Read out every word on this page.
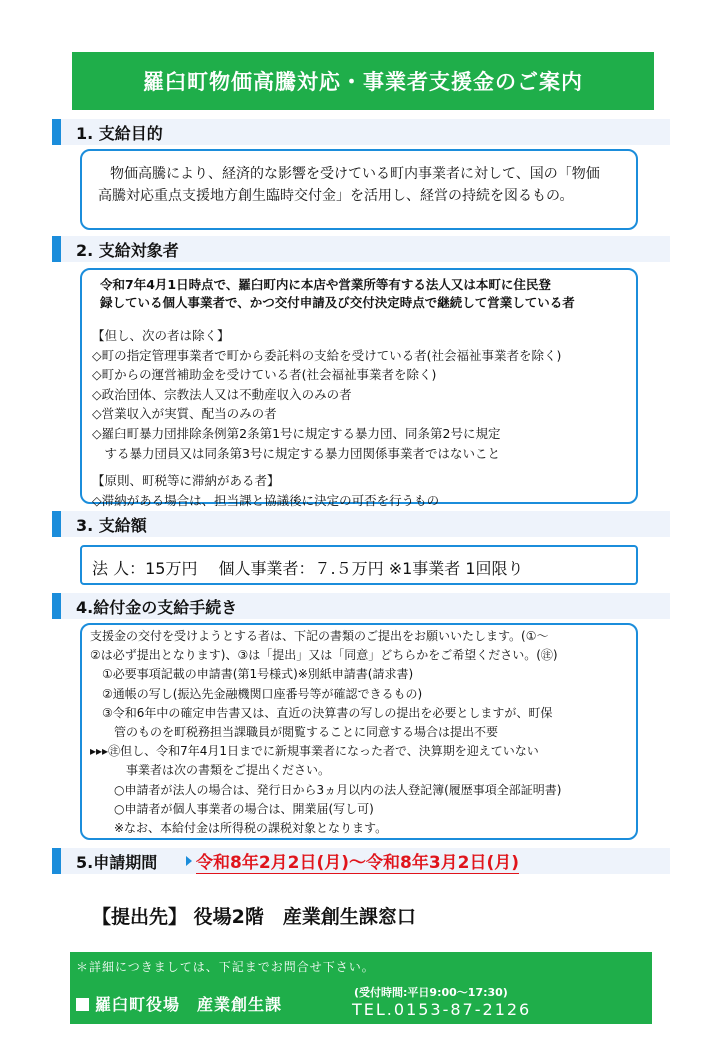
羅臼町物価高騰対応・事業者支援金のご案内
1. 支給目的
物価高騰により、経済的な影響を受けている町内事業者に対して、国の「物価
高騰対応重点支援地方創生臨時交付金」を活用し、経営の持続を図るもの。
2. 支給対象者
令和7年4月1日時点で、羅臼町内に本店や営業所等有する法人又は本町に住民登
録している個人事業者で、かつ交付申請及び交付決定時点で継続して営業している者
【但し、次の者は除く】
◇町の指定管理事業者で町から委託料の支給を受けている者(社会福祉事業者を除く)
◇町からの運営補助金を受けている者(社会福祉事業者を除く)
◇政治団体、宗教法人又は不動産収入のみの者
◇営業収入が実質、配当のみの者
◇羅臼町暴力団排除条例第2条第1号に規定する暴力団、同条第2号に規定
　する暴力団員又は同条第3号に規定する暴力団関係事業者ではないこと
【原則、町税等に滞納がある者】
◇滞納がある場合は、担当課と協議後に決定の可否を行うもの
3. 支給額
法 人：15万円　 個人事業者：７.５万円 ※1事業者 1回限り
4.給付金の支給手続き
支援金の交付を受けようとする者は、下記の書類のご提出をお願いいたします。(①～
②は必ず提出となります)、③は「提出」又は「同意」どちらかをご希望ください。(㊟)
　①必要事項記載の申請書(第1号様式)※別紙申請書(請求書)
　②通帳の写し(振込先金融機関口座番号等が確認できるもの)
　③令和6年中の確定申告書又は、直近の決算書の写しの提出を必要としますが、町保
　　管のものを町税務担当課職員が閲覧することに同意する場合は提出不要
▸▸▸㊟但し、令和7年4月1日までに新規事業者になった者で、決算期を迎えていない
　　　事業者は次の書類をご提出ください。
　　○申請者が法人の場合は、発行日から3ヵ月以内の法人登記簿(履歴事項全部証明書)
　　○申請者が個人事業者の場合は、開業届(写し可)
　　※なお、本給付金は所得税の課税対象となります。
5.申請期間 令和8年2月2日(月)～令和8年3月2日(月)
【提出先】 役場2階　産業創生課窓口
＊詳細につきましては、下記までお問合せ下さい。
羅臼町役場　産業創生課
(受付時間:平日9:00～17:30)
TEL.0153-87-2126
